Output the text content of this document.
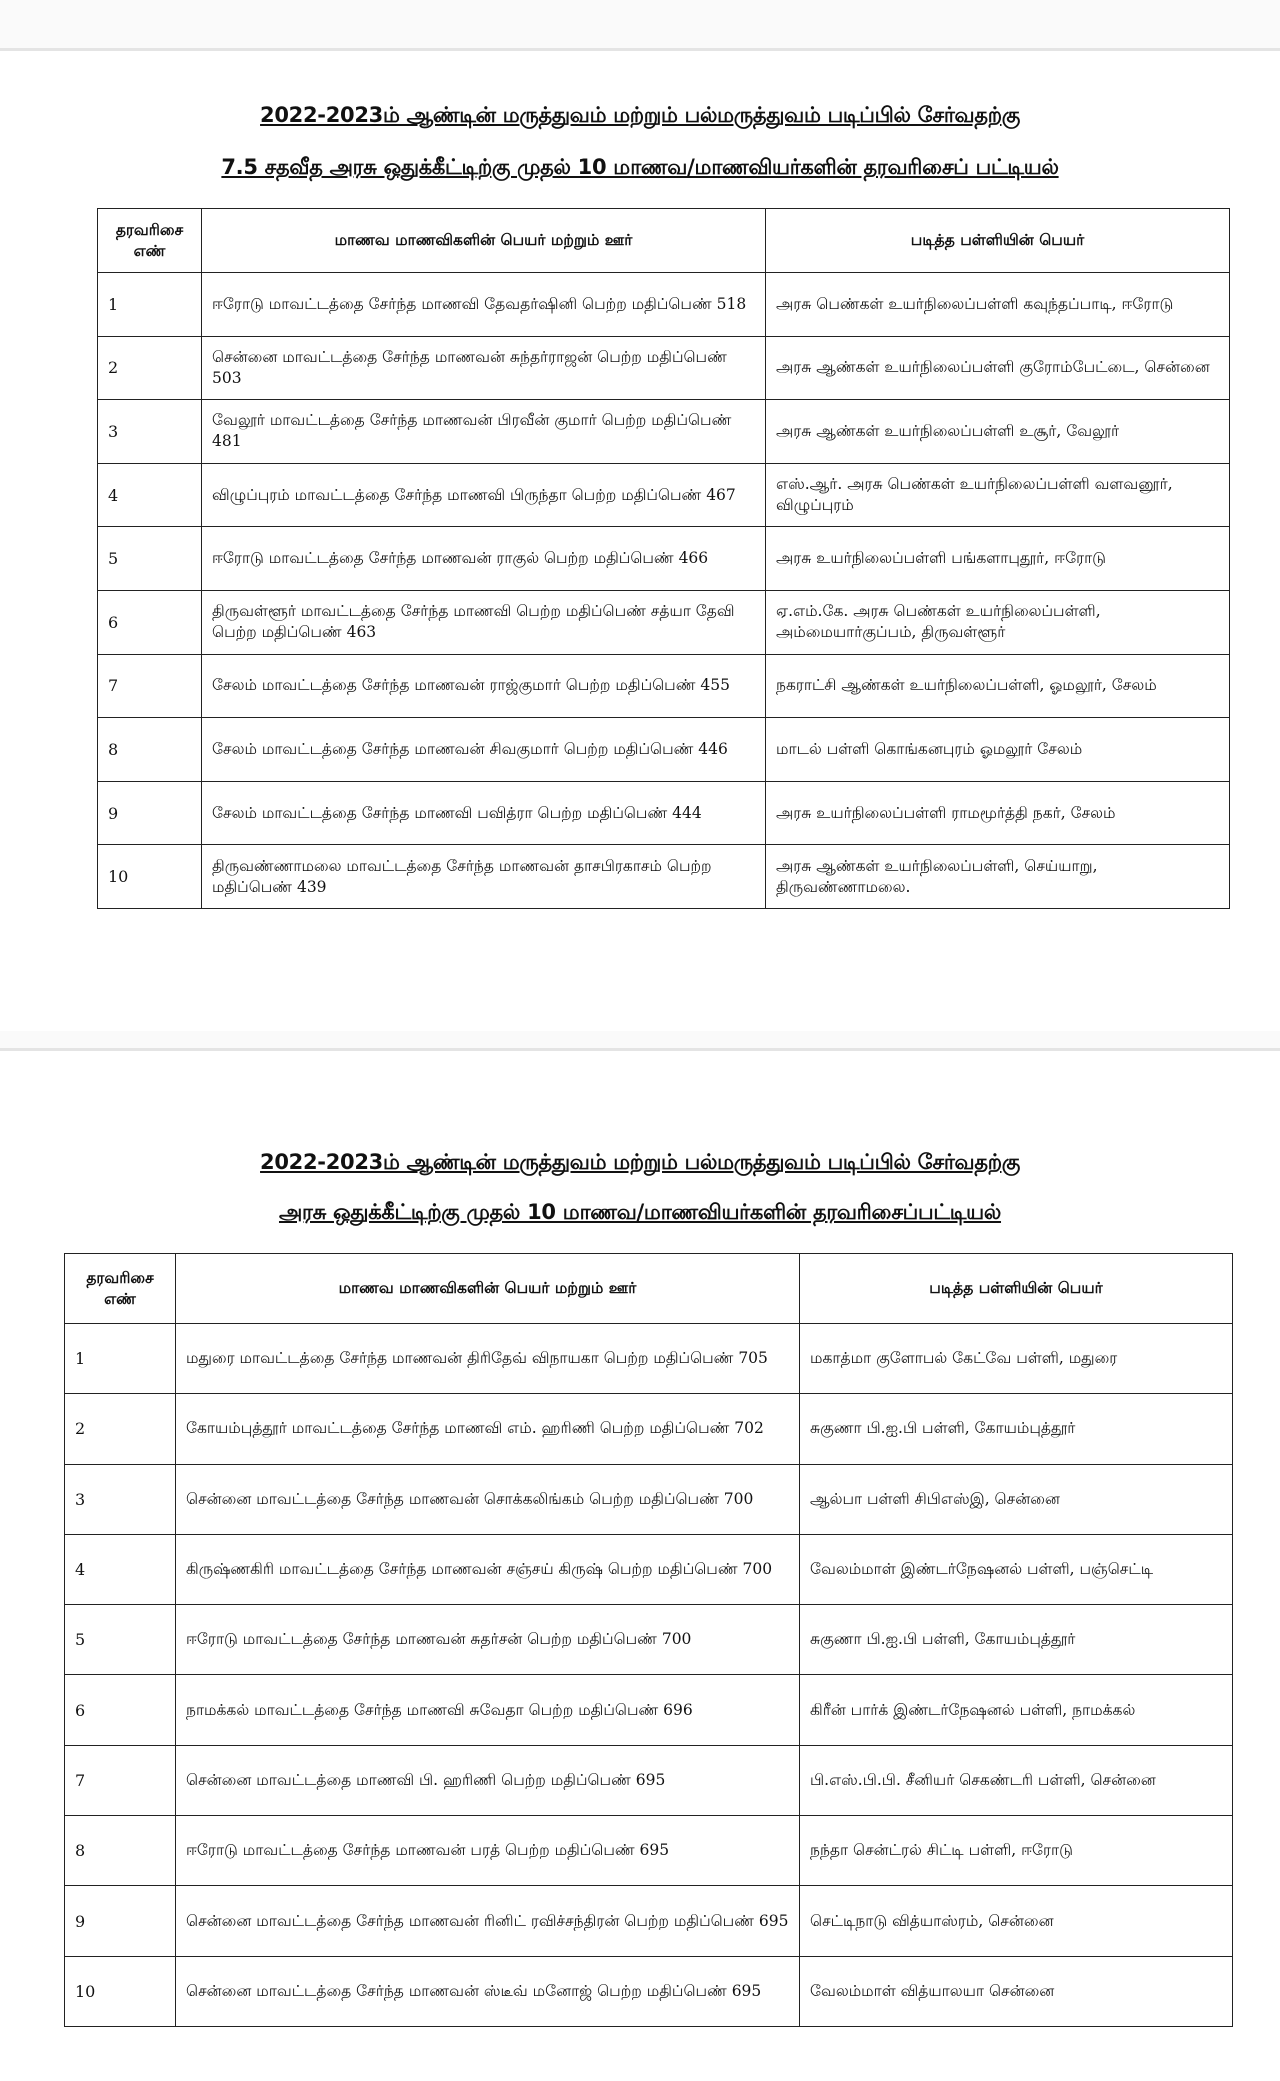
2022-2023ம் ஆண்டின் மருத்துவம் மற்றும் பல்மருத்துவம் படிப்பில் சேர்வதற்கு
7.5 சதவீத அரசு ஒதுக்கீட்டிற்கு முதல் 10 மாணவ/மாணவியர்களின் தரவரிசைப் பட்டியல்
தரவரிசை எண்	மாணவ மாணவிகளின் பெயர் மற்றும் ஊர்	படித்த பள்ளியின் பெயர்
1	ஈரோடு மாவட்டத்தை சேர்ந்த மாணவி தேவதர்ஷினி பெற்ற மதிப்பெண் 518	அரசு பெண்கள் உயர்நிலைப்பள்ளி கவுந்தப்பாடி, ஈரோடு
2	சென்னை மாவட்டத்தை சேர்ந்த மாணவன் சுந்தர்ராஜன் பெற்ற மதிப்பெண் 503	அரசு ஆண்கள் உயர்நிலைப்பள்ளி குரோம்பேட்டை, சென்னை
3	வேலூர் மாவட்டத்தை சேர்ந்த மாணவன் பிரவீன் குமார் பெற்ற மதிப்பெண் 481	அரசு ஆண்கள் உயர்நிலைப்பள்ளி உசூர், வேலூர்
4	விழுப்புரம் மாவட்டத்தை சேர்ந்த மாணவி பிருந்தா பெற்ற மதிப்பெண் 467	எஸ்.ஆர். அரசு பெண்கள் உயர்நிலைப்பள்ளி வளவனூர், விழுப்புரம்
5	ஈரோடு மாவட்டத்தை சேர்ந்த மாணவன் ராகுல் பெற்ற மதிப்பெண் 466	அரசு உயர்நிலைப்பள்ளி பங்களாபுதூர், ஈரோடு
6	திருவள்ளூர் மாவட்டத்தை சேர்ந்த மாணவி பெற்ற மதிப்பெண் சத்யா தேவி பெற்ற மதிப்பெண் 463	ஏ.எம்.கே. அரசு பெண்கள் உயர்நிலைப்பள்ளி, அம்மையார்குப்பம், திருவள்ளூர்
7	சேலம் மாவட்டத்தை சேர்ந்த மாணவன் ராஜ்குமார் பெற்ற மதிப்பெண் 455	நகராட்சி ஆண்கள் உயர்நிலைப்பள்ளி, ஓமலூர், சேலம்
8	சேலம் மாவட்டத்தை சேர்ந்த மாணவன் சிவகுமார் பெற்ற மதிப்பெண் 446	மாடல் பள்ளி கொங்கனபுரம் ஓமலூர் சேலம்
9	சேலம் மாவட்டத்தை சேர்ந்த மாணவி பவித்ரா பெற்ற மதிப்பெண் 444	அரசு உயர்நிலைப்பள்ளி ராமமூர்த்தி நகர், சேலம்
10	திருவண்ணாமலை மாவட்டத்தை சேர்ந்த மாணவன் தாசபிரகாசம் பெற்ற மதிப்பெண் 439	அரசு ஆண்கள் உயர்நிலைப்பள்ளி, செய்யாறு, திருவண்ணாமலை.
2022-2023ம் ஆண்டின் மருத்துவம் மற்றும் பல்மருத்துவம் படிப்பில் சேர்வதற்கு
அரசு ஒதுக்கீட்டிற்கு முதல் 10 மாணவ/மாணவியர்களின் தரவரிசைப்பட்டியல்
தரவரிசை எண்	மாணவ மாணவிகளின் பெயர் மற்றும் ஊர்	படித்த பள்ளியின் பெயர்
1	மதுரை மாவட்டத்தை சேர்ந்த மாணவன் திரிதேவ் விநாயகா பெற்ற மதிப்பெண் 705	மகாத்மா குளோபல் கேட்வே பள்ளி, மதுரை
2	கோயம்புத்தூர் மாவட்டத்தை சேர்ந்த மாணவி எம். ஹரிணி பெற்ற மதிப்பெண் 702	சுகுணா பி.ஐ.பி பள்ளி, கோயம்புத்தூர்
3	சென்னை மாவட்டத்தை சேர்ந்த மாணவன் சொக்கலிங்கம் பெற்ற மதிப்பெண் 700	ஆல்பா பள்ளி சிபிஎஸ்இ, சென்னை
4	கிருஷ்ணகிரி மாவட்டத்தை சேர்ந்த மாணவன் சஞ்சய் கிருஷ் பெற்ற மதிப்பெண் 700	வேலம்மாள் இண்டர்நேஷனல் பள்ளி, பஞ்செட்டி
5	ஈரோடு மாவட்டத்தை சேர்ந்த மாணவன் சுதர்சன் பெற்ற மதிப்பெண் 700	சுகுணா பி.ஐ.பி பள்ளி, கோயம்புத்தூர்
6	நாமக்கல் மாவட்டத்தை சேர்ந்த மாணவி சுவேதா பெற்ற மதிப்பெண் 696	கிரீன் பார்க் இண்டர்நேஷனல் பள்ளி, நாமக்கல்
7	சென்னை மாவட்டத்தை மாணவி பி. ஹரிணி பெற்ற மதிப்பெண் 695	பி.எஸ்.பி.பி. சீனியர் செகண்டரி பள்ளி, சென்னை
8	ஈரோடு மாவட்டத்தை சேர்ந்த மாணவன் பரத் பெற்ற மதிப்பெண் 695	நந்தா சென்ட்ரல் சிட்டி பள்ளி, ஈரோடு
9	சென்னை மாவட்டத்தை சேர்ந்த மாணவன் ரினிட் ரவிச்சந்திரன் பெற்ற மதிப்பெண் 695	செட்டிநாடு வித்யாஸ்ரம், சென்னை
10	சென்னை மாவட்டத்தை சேர்ந்த மாணவன் ஸ்டீவ் மனோஜ் பெற்ற மதிப்பெண் 695	வேலம்மாள் வித்யாலயா சென்னை
